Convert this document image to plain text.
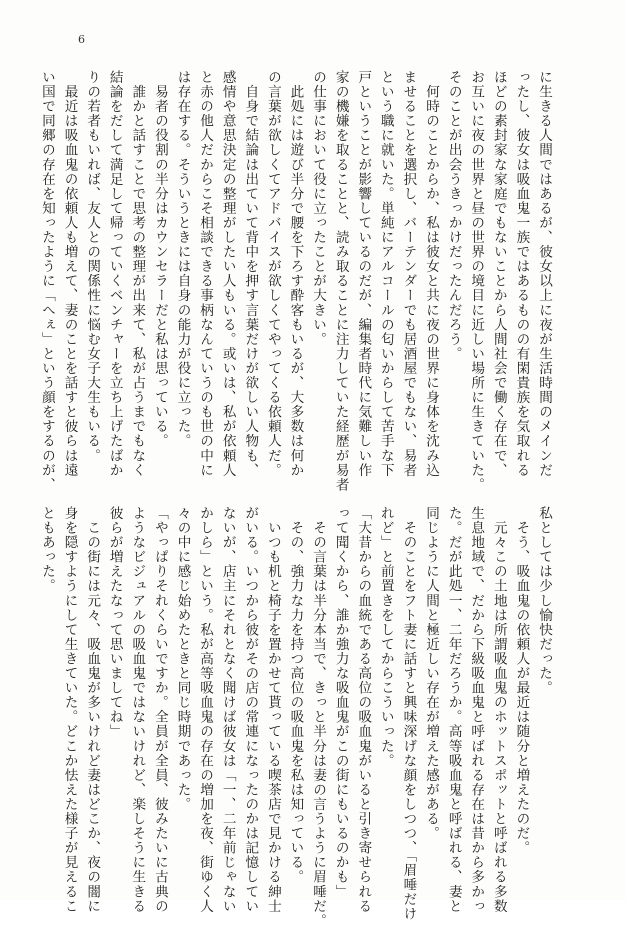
6
に生きる人間ではあるが、彼女以上に夜が生活時間のメインだ
ったし、彼女は吸血鬼一族ではあるものの有閑貴族を気取れる
ほどの素封家な家庭でもないことから人間社会で働く存在で、
お互いに夜の世界と昼の世界の境目に近しい場所に生きていた。
そのことが出会うきっかけだったんだろう。
　何時のことからか、私は彼女と共に夜の世界に身体を沈み込
ませることを選択し、バーテンダーでも居酒屋でもない、易者
という職に就いた。単純にアルコールの匂いからして苦手な下
戸ということが影響しているのだが、編集者時代に気難しい作
家の機嫌を取ることと、読み取ることに注力していた経歴が易者
の仕事において役に立ったことが大きい。
　此処には遊び半分で腰を下ろす酔客もいるが、大多数は何か
の言葉が欲しくてアドバイスが欲しくてやってくる依頼人だ。
　自身で結論は出ていて背中を押す言葉だけが欲しい人物も、
感情や意思決定の整理がしたい人もいる。或いは、私が依頼人
と赤の他人だからこそ相談できる事柄なんていうのも世の中に
は存在する。そういうときには自身の能力が役に立った。
　易者の役割の半分はカウンセラーだと私は思っている。
　誰かと話すことで思考の整理が出来て、私が占うまでもなく
結論をだして満足して帰っていくベンチャーを立ち上げたばか
りの若者もいれば、友人との関係性に悩む女子大生もいる。
　最近は吸血鬼の依頼人も増えて、妻のことを話すと彼らは遠
い国で同郷の存在を知ったように「へぇ」という顔をするのが、
私としては少し愉快だった。
　そう、吸血鬼の依頼人が最近は随分と増えたのだ。
　元々この土地は所謂吸血鬼のホットスポットと呼ばれる多数
生息地域で、だから下級吸血鬼と呼ばれる存在は昔から多かっ
た。だが此処一、二年だろうか。高等吸血鬼と呼ばれる、妻と
同じように人間と極近しい存在が増えた感がある。
　そのことをフト妻に話すと興味深げな顔をしつつ、「眉唾だけ
れど」と前置きをしてからこういった。
「大昔からの血統である高位の吸血鬼がいると引き寄せられる
って聞くから、誰か強力な吸血鬼がこの街にもいるのかも」
　その言葉は半分本当で、きっと半分は妻の言うように眉唾だ。
　その、強力な力を持つ高位の吸血鬼を私は知っている。
　いつも机と椅子を置かせて貰っている喫茶店で見かける紳士
がいる。いつから彼がその店の常連になったのかは記憶してい
ないが、店主にそれとなく聞けば彼女は「一、二年前じゃない
かしら」という。私が高等吸血鬼の存在の増加を夜、街ゆく人
々の中に感じ始めたときと同じ時期であった。
「やっぱりそれくらいですか。全員が全員、彼みたいに古典の
ようなビジュアルの吸血鬼ではないけれど、楽しそうに生きる
彼らが増えたなって思いましてね」
　この街には元々、吸血鬼が多いけれど妻はどこか、夜の闇に
身を隠すようにして生きていた。どこか怯えた様子が見えるこ
ともあった。
